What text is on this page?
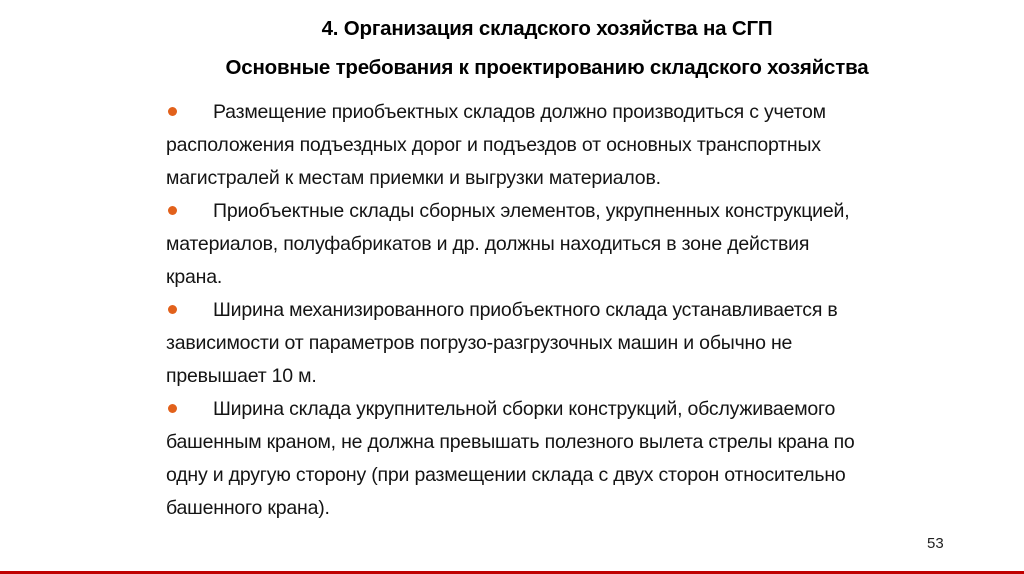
4. Организация складского хозяйства на СГП
Основные требования к проектированию складского хозяйства

Размещение приобъектных складов должно производиться с учетом
расположения подъездных дорог и подъездов от основных транспортных
магистралей к местам приемки и выгрузки материалов.

Приобъектные склады сборных элементов, укрупненных конструкцией,
материалов, полуфабрикатов и др. должны находиться в зоне действия
крана.

Ширина механизированного приобъектного склада устанавливается в
зависимости от параметров погрузо-разгрузочных машин и обычно не
превышает 10 м.

Ширина склада укрупнительной сборки конструкций, обслуживаемого
башенным краном, не должна превышать полезного вылета стрелы крана по
одну и другую сторону (при размещении склада с двух сторон относительно
башенного крана).

53
